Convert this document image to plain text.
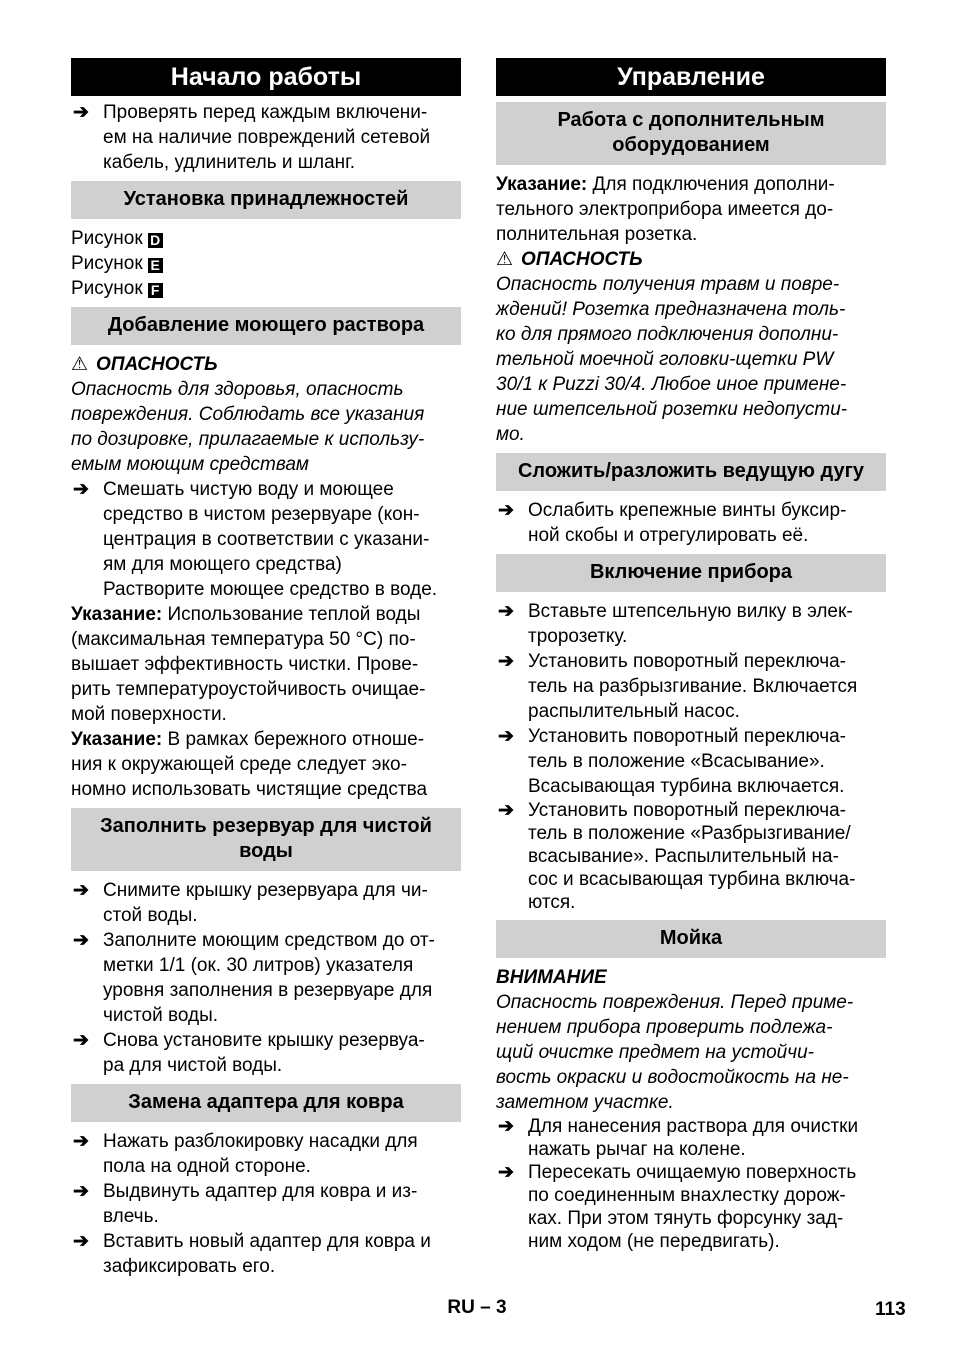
Начало работы
➔ Проверять перед каждым включени-
ем на наличие повреждений сетевой
кабель, удлинитель и шланг.
Установка принадлежностей
Рисунок D
Рисунок E
Рисунок F
Добавление моющего раствора
⚠ ОПАСНОСТЬ
Опасность для здоровья, опасность
повреждения. Соблюдать все указания
по дозировке, прилагаемые к использу-
емым моющим средствам
➔ Смешать чистую воду и моющее
средство в чистом резервуаре (кон-
центрация в соответствии с указани-
ям для моющего средства)
Растворите моющее средство в воде.
Указание: Использование теплой воды
(максимальная температура 50 °C) по-
вышает эффективность чистки. Прове-
рить температуроустойчивость очищае-
мой поверхности.
Указание: В рамках бережного отноше-
ния к окружающей среде следует эко-
номно использовать чистящие средства
Заполнить резервуар для чистой воды
➔ Снимите крышку резервуара для чи-
стой воды.
➔ Заполните моющим средством до от-
метки 1/1 (ок. 30 литров) указателя
уровня заполнения в резервуаре для
чистой воды.
➔ Снова установите крышку резервуа-
ра для чистой воды.
Замена адаптера для ковра
➔ Нажать разблокировку насадки для
пола на одной стороне.
➔ Выдвинуть адаптер для ковра и из-
влечь.
➔ Вставить новый адаптер для ковра и
зафиксировать его.
Управление
Работа с дополнительным оборудованием
Указание: Для подключения дополни-
тельного электроприбора имеется до-
полнительная розетка.
⚠ ОПАСНОСТЬ
Опасность получения травм и повре-
ждений! Розетка предназначена толь-
ко для прямого подключения дополни-
тельной моечной головки-щетки PW
30/1 к Puzzi 30/4. Любое иное примене-
ние штепсельной розетки недопусти-
мо.
Сложить/разложить ведущую дугу
➔ Ослабить крепежные винты буксир-
ной скобы и отрегулировать её.
Включение прибора
➔ Вставьте штепсельную вилку в элек-
тророзетку.
➔ Установить поворотный переключа-
тель на разбрызгивание. Включается
распылительный насос.
➔ Установить поворотный переключа-
тель в положение «Всасывание».
Всасывающая турбина включается.
➔ Установить поворотный переключа-
тель в положение «Разбрызгивание/
всасывание». Распылительный на-
сос и всасывающая турбина включа-
ются.
Мойка
ВНИМАНИЕ
Опасность повреждения. Перед приме-
нением прибора проверить подлежа-
щий очистке предмет на устойчи-
вость окраски и водостойкость на не-
заметном участке.
➔ Для нанесения раствора для очистки
нажать рычаг на колене.
➔ Пересекать очищаемую поверхность
по соединенным внахлестку дорож-
ках. При этом тянуть форсунку зад-
ним ходом (не передвигать).
RU – 3	113
